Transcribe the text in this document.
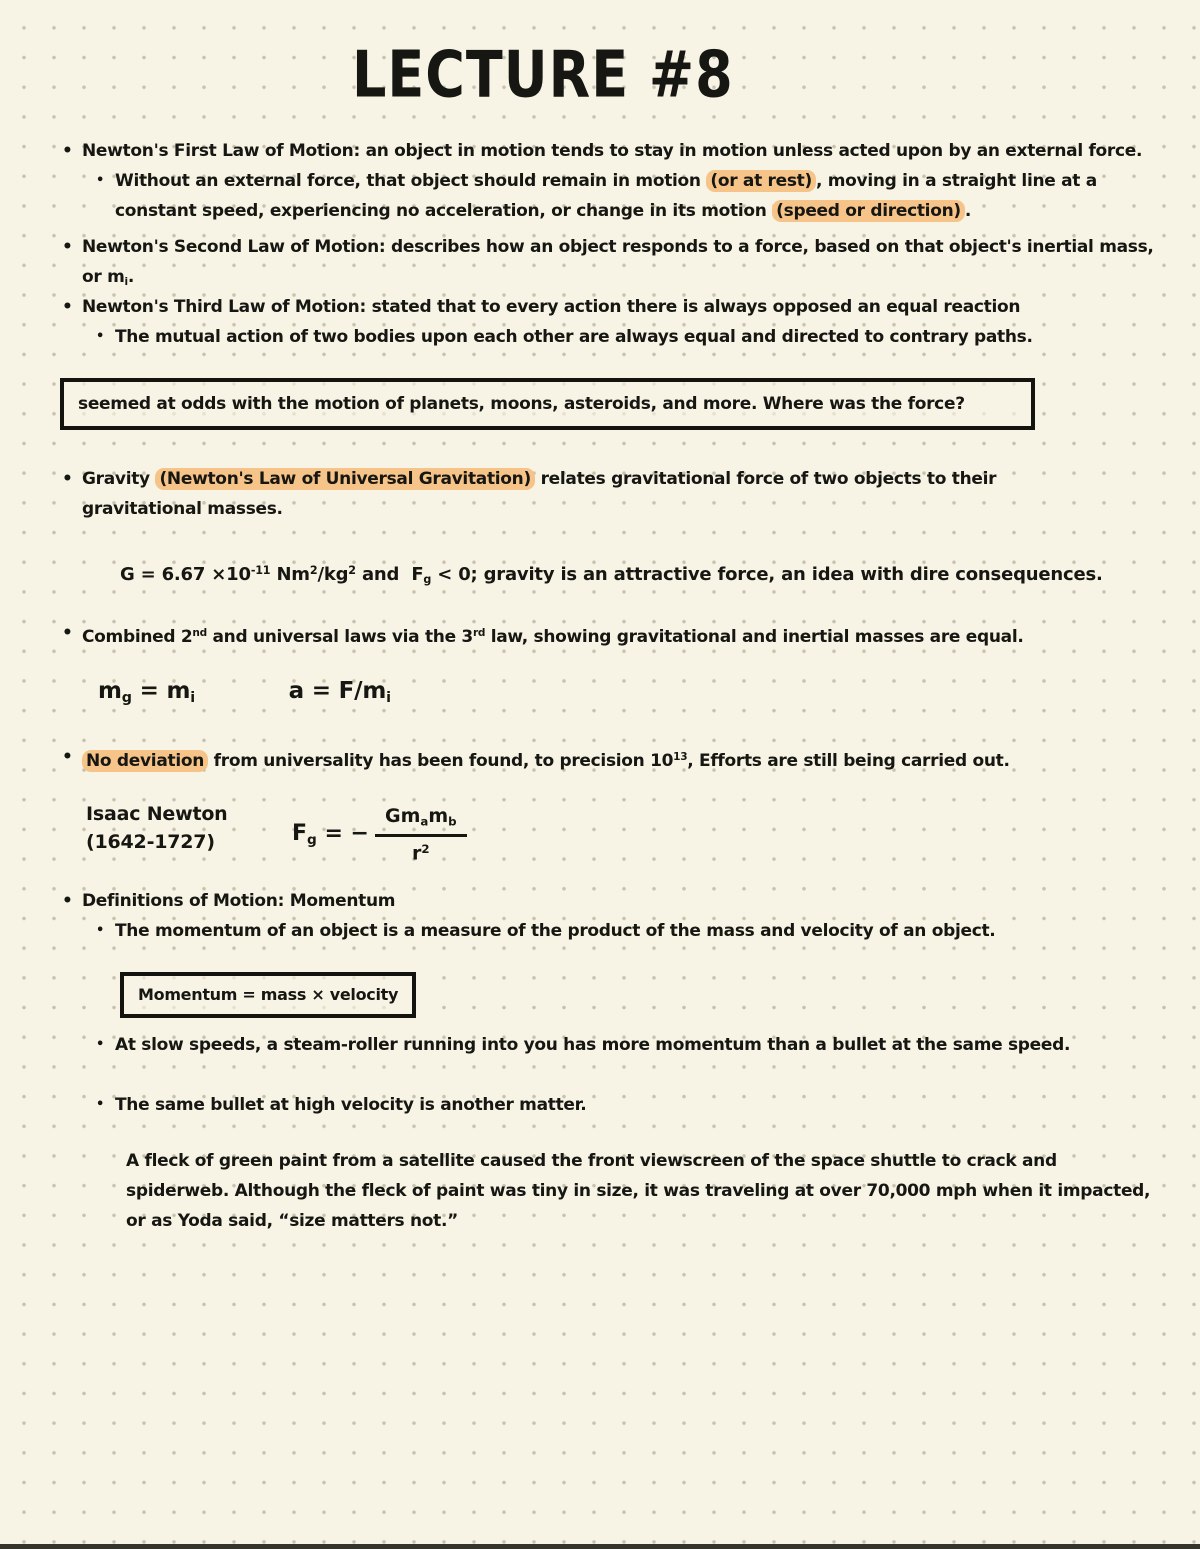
LECTURE #8
• Newton's First Law of Motion: an object in motion tends to stay in motion unless acted upon by an external force.
• Without an external force, that object should remain in motion (or at rest) , moving in a straight line at a constant speed, experiencing no acceleration, or change in its motion (speed or direction) .
• Newton's Second Law of Motion: describes how an object responds to a force, based on that object's inertial mass, or $m_i$.
• Newton's Third Law of Motion: stated that to every action there is always opposed an equal reaction
• The mutual action of two bodies upon each other are always equal and directed to contrary paths.
seemed at odds with the motion of planets, moons, asteroids, and more. Where was the force?
• Gravity (Newton's Law of Universal Gravitation) relates gravitational force of two objects to their gravitational masses.
$G = 6.67 \times 10^{-11}$ $Nm^2/kg^2$ and  $F_g < 0$; gravity is an attractive force, an idea with dire consequences.
• Combined 2nd and universal laws via the 3rd law, showing gravitational and inertial masses are equal.
$m_g = m_i$            $a = F/m_i$
• No deviation from universality has been found, to precision $10^{13}$, Efforts are still being carried out.
Isaac Newton
(1642-1727)	$F_g$ = − $\frac{Gm_am_b}{r^2}$
• Definitions of Motion: Momentum
• The momentum of an object is a measure of the product of the mass and velocity of an object.
Momentum = mass × velocity
• At slow speeds, a steam-roller running into you has more momentum than a bullet at the same speed.
• The same bullet at high velocity is another matter.
A fleck of green paint from a satellite caused the front viewscreen of the space shuttle to crack and spiderweb. Although the fleck of paint was tiny in size, it was traveling at over 70,000 mph when it impacted, or as Yoda said, “size matters not.”
